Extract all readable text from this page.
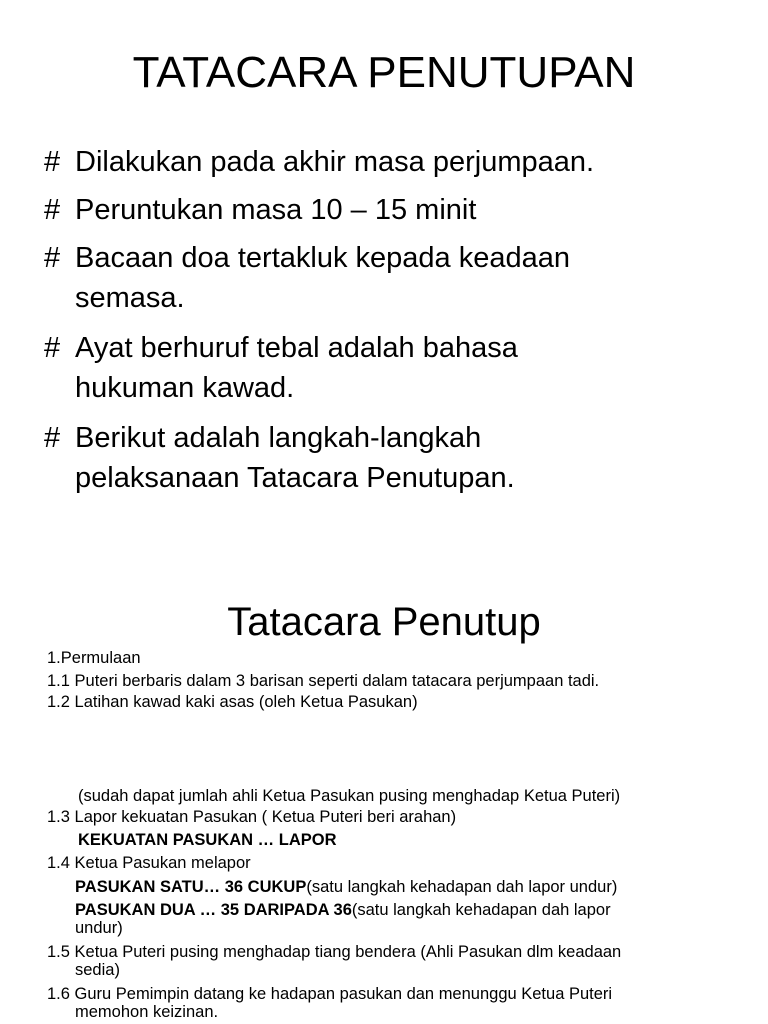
TATACARA PENUTUPAN
# Dilakukan pada akhir masa perjumpaan.
# Peruntukan masa 10 – 15 minit
# Bacaan doa tertakluk kepada keadaan
semasa.
# Ayat berhuruf tebal adalah bahasa
hukuman kawad.
# Berikut adalah langkah-langkah
pelaksanaan Tatacara Penutupan.
Tatacara Penutup
1.Permulaan
1.1 Puteri berbaris dalam 3 barisan seperti dalam tatacara perjumpaan tadi.
1.2 Latihan kawad kaki asas (oleh Ketua Pasukan)
(sudah dapat jumlah ahli Ketua Pasukan pusing menghadap Ketua Puteri)
1.3 Lapor kekuatan Pasukan ( Ketua Puteri beri arahan)
KEKUATAN PASUKAN … LAPOR
1.4 Ketua Pasukan melapor
PASUKAN SATU… 36 CUKUP(satu langkah kehadapan dah lapor undur)
PASUKAN DUA … 35 DARIPADA 36(satu langkah kehadapan dah lapor
undur)
1.5 Ketua Puteri pusing menghadap tiang bendera (Ahli Pasukan dlm keadaan
sedia)
1.6 Guru Pemimpin datang ke hadapan pasukan dan menunggu Ketua Puteri
memohon keizinan.
